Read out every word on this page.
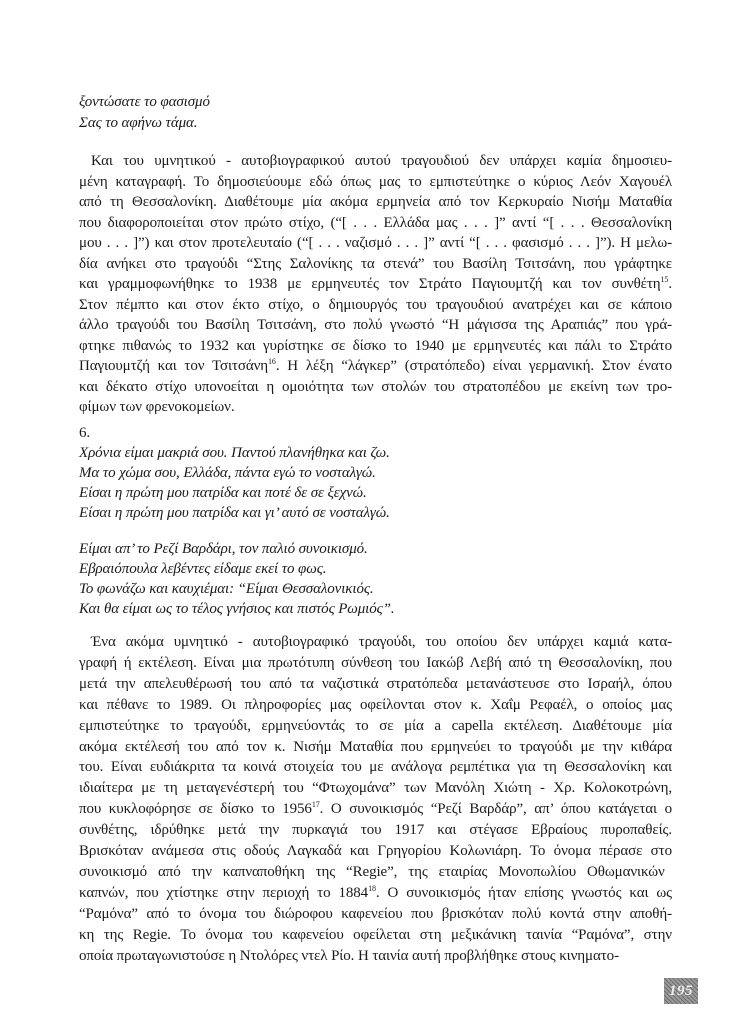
ξοντώσατε το φασισμό
Σας το αφήνω τάμα.
Και του υμνητικού - αυτοβιογραφικού αυτού τραγουδιού δεν υπάρχει καμία δημοσιευ-
μένη καταγραφή. Το δημοσιεύουμε εδώ όπως μας το εμπιστεύτηκε ο κύριος Λεόν Χαγουέλ
από τη Θεσσαλονίκη. Διαθέτουμε μία ακόμα ερμηνεία από τον Κερκυραίο Νισήμ Ματαθία
που διαφοροποιείται στον πρώτο στίχο, (“[ . . . Ελλάδα μας . . . ]” αντί “[ . . . Θεσσαλονίκη
μου . . . ]”) και στον προτελευταίο (“[ . . . ναζισμό . . . ]” αντί “[ . . . φασισμό . . . ]”). Η μελω-
δία ανήκει στο τραγούδι “Στης Σαλονίκης τα στενά” του Βασίλη Τσιτσάνη, που γράφτηκε
και γραμμοφωνήθηκε το 1938 με ερμηνευτές τον Στράτο Παγιουμτζή και τον συνθέτη$^{15}$.
Στον πέμπτο και στον έκτο στίχο, ο δημιουργός του τραγουδιού ανατρέχει και σε κάποιο
άλλο τραγούδι του Βασίλη Τσιτσάνη, στο πολύ γνωστό “Η μάγισσα της Αραπιάς” που γρά-
φτηκε πιθανώς το 1932 και γυρίστηκε σε δίσκο το 1940 με ερμηνευτές και πάλι το Στράτο
Παγιουμτζή και τον Τσιτσάνη$^{16}$. Η λέξη “λάγκερ” (στρατόπεδο) είναι γερμανική. Στον ένατο
και δέκατο στίχο υπονοείται η ομοιότητα των στολών του στρατοπέδου με εκείνη των τρο-
φίμων των φρενοκομείων.
6.
Χρόνια είμαι μακριά σου. Παντού πλανήθηκα και ζω.
Μα το χώμα σου, Ελλάδα, πάντα εγώ το νοσταλγώ.
Είσαι η πρώτη μου πατρίδα και ποτέ δε σε ξεχνώ.
Είσαι η πρώτη μου πατρίδα και γι’ αυτό σε νοσταλγώ.
Είμαι απ’ το Ρεζί Βαρδάρι, τον παλιό συνοικισμό.
Εβραιόπουλα λεβέντες είδαμε εκεί το φως.
Το φωνάζω και καυχιέμαι: “Είμαι Θεσσαλονικιός.
Και θα είμαι ως το τέλος γνήσιος και πιστός Ρωμιός”.
Ένα ακόμα υμνητικό - αυτοβιογραφικό τραγούδι, του οποίου δεν υπάρχει καμιά κατα-
γραφή ή εκτέλεση. Είναι μια πρωτότυπη σύνθεση του Ιακώβ Λεβή από τη Θεσσαλονίκη, που
μετά την απελευθέρωσή του από τα ναζιστικά στρατόπεδα μετανάστευσε στο Ισραήλ, όπου
και πέθανε το 1989. Οι πληροφορίες μας οφείλονται στον κ. Χαΐμ Ρεφαέλ, ο οποίος μας
εμπιστεύτηκε το τραγούδι, ερμηνεύοντάς το σε μία a capella εκτέλεση. Διαθέτουμε μία
ακόμα εκτέλεσή του από τον κ. Νισήμ Ματαθία που ερμηνεύει το τραγούδι με την κιθάρα
του. Είναι ευδιάκριτα τα κοινά στοιχεία του με ανάλογα ρεμπέτικα για τη Θεσσαλονίκη και
ιδιαίτερα με τη μεταγενέστερή του “Φτωχομάνα” των Μανόλη Χιώτη - Χρ. Κολοκοτρώνη,
που κυκλοφόρησε σε δίσκο το 1956$^{17}$. Ο συνοικισμός “Ρεζί Βαρδάρ”, απ’ όπου κατάγεται ο
συνθέτης, ιδρύθηκε μετά την πυρκαγιά του 1917 και στέγασε Εβραίους πυροπαθείς.
Βρισκόταν ανάμεσα στις οδούς Λαγκαδά και Γρηγορίου Κολωνιάρη. Το όνομα πέρασε στο
συνοικισμό από την καπναποθήκη της “Regie”, της εταιρίας Μονοπωλίου Οθωμανικών
καπνών, που χτίστηκε στην περιοχή το 1884$^{18}$. Ο συνοικισμός ήταν επίσης γνωστός και ως
“Ραμόνα” από το όνομα του διώροφου καφενείου που βρισκόταν πολύ κοντά στην αποθή-
κη της Regie. Το όνομα του καφενείου οφείλεται στη μεξικάνικη ταινία “Ραμόνα”, στην
οποία πρωταγωνιστούσε η Ντολόρες ντελ Ρίο. Η ταινία αυτή προβλήθηκε στους κινηματο-
195
